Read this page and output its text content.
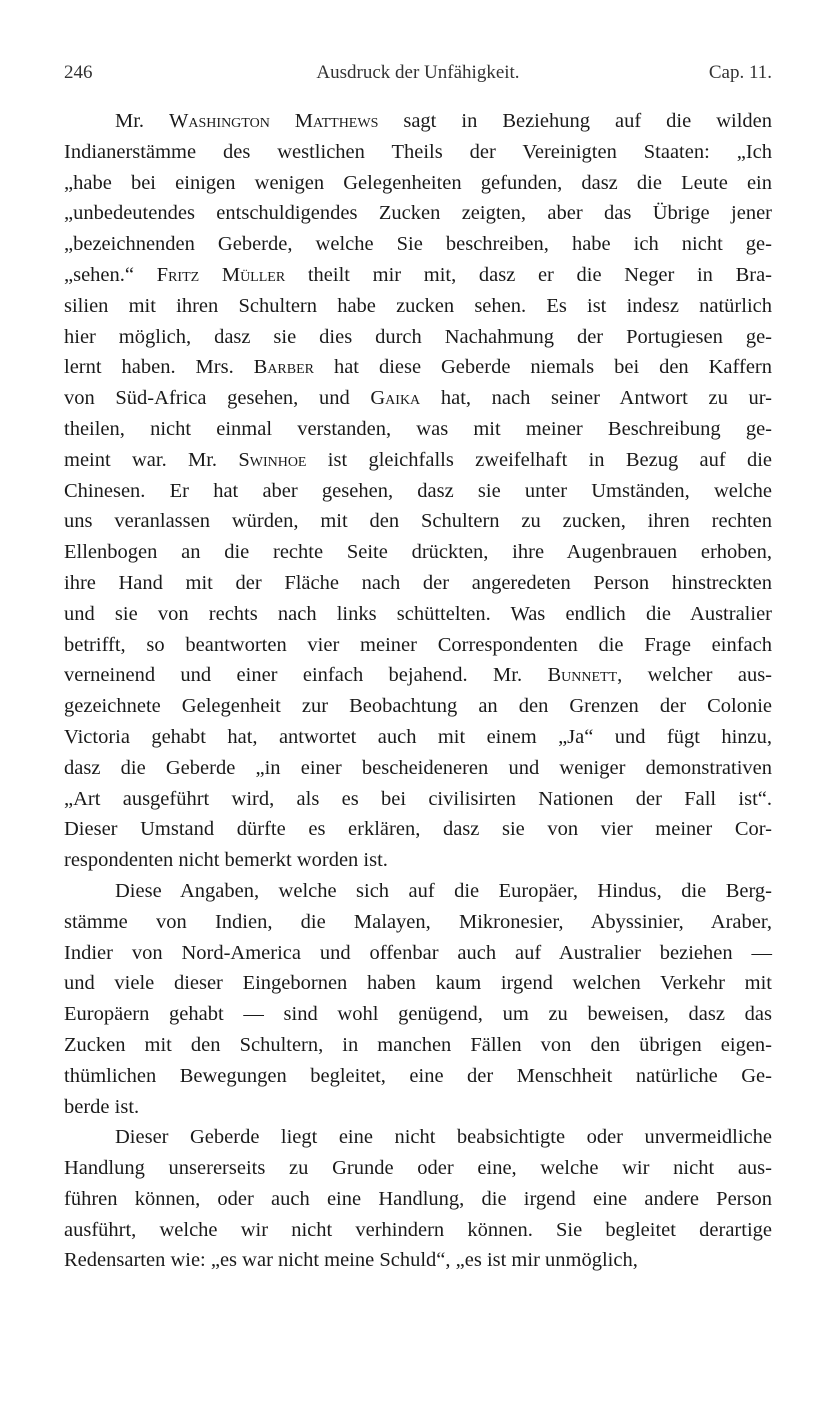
246	Ausdruck der Unfähigkeit.	Cap. 11.
Mr. Washington Matthews sagt in Beziehung auf die wilden
Indianerstämme des westlichen Theils der Vereinigten Staaten: „Ich
„habe bei einigen wenigen Gelegenheiten gefunden, dasz die Leute ein
„unbedeutendes entschuldigendes Zucken zeigten, aber das Übrige jener
„bezeichnenden Geberde, welche Sie beschreiben, habe ich nicht ge-
„sehen.“ Fritz Müller theilt mir mit, dasz er die Neger in Bra-
silien mit ihren Schultern habe zucken sehen. Es ist indesz natürlich
hier möglich, dasz sie dies durch Nachahmung der Portugiesen ge-
lernt haben. Mrs. Barber hat diese Geberde niemals bei den Kaffern
von Süd-Africa gesehen, und Gaika hat, nach seiner Antwort zu ur-
theilen, nicht einmal verstanden, was mit meiner Beschreibung ge-
meint war. Mr. Swinhoe ist gleichfalls zweifelhaft in Bezug auf die
Chinesen. Er hat aber gesehen, dasz sie unter Umständen, welche
uns veranlassen würden, mit den Schultern zu zucken, ihren rechten
Ellenbogen an die rechte Seite drückten, ihre Augenbrauen erhoben,
ihre Hand mit der Fläche nach der angeredeten Person hinstreckten
und sie von rechts nach links schüttelten. Was endlich die Australier
betrifft, so beantworten vier meiner Correspondenten die Frage einfach
verneinend und einer einfach bejahend. Mr. Bunnett, welcher aus-
gezeichnete Gelegenheit zur Beobachtung an den Grenzen der Colonie
Victoria gehabt hat, antwortet auch mit einem „Ja“ und fügt hinzu,
dasz die Geberde „in einer bescheideneren und weniger demonstrativen
„Art ausgeführt wird, als es bei civilisirten Nationen der Fall ist“.
Dieser Umstand dürfte es erklären, dasz sie von vier meiner Cor-
respondenten nicht bemerkt worden ist.
Diese Angaben, welche sich auf die Europäer, Hindus, die Berg-
stämme von Indien, die Malayen, Mikronesier, Abyssinier, Araber,
Indier von Nord-America und offenbar auch auf Australier beziehen —
und viele dieser Eingebornen haben kaum irgend welchen Verkehr mit
Europäern gehabt — sind wohl genügend, um zu beweisen, dasz das
Zucken mit den Schultern, in manchen Fällen von den übrigen eigen-
thümlichen Bewegungen begleitet, eine der Menschheit natürliche Ge-
berde ist.
Dieser Geberde liegt eine nicht beabsichtigte oder unvermeidliche
Handlung unsererseits zu Grunde oder eine, welche wir nicht aus-
führen können, oder auch eine Handlung, die irgend eine andere Person
ausführt, welche wir nicht verhindern können. Sie begleitet derartige
Redensarten wie: „es war nicht meine Schuld“, „es ist mir unmöglich,
